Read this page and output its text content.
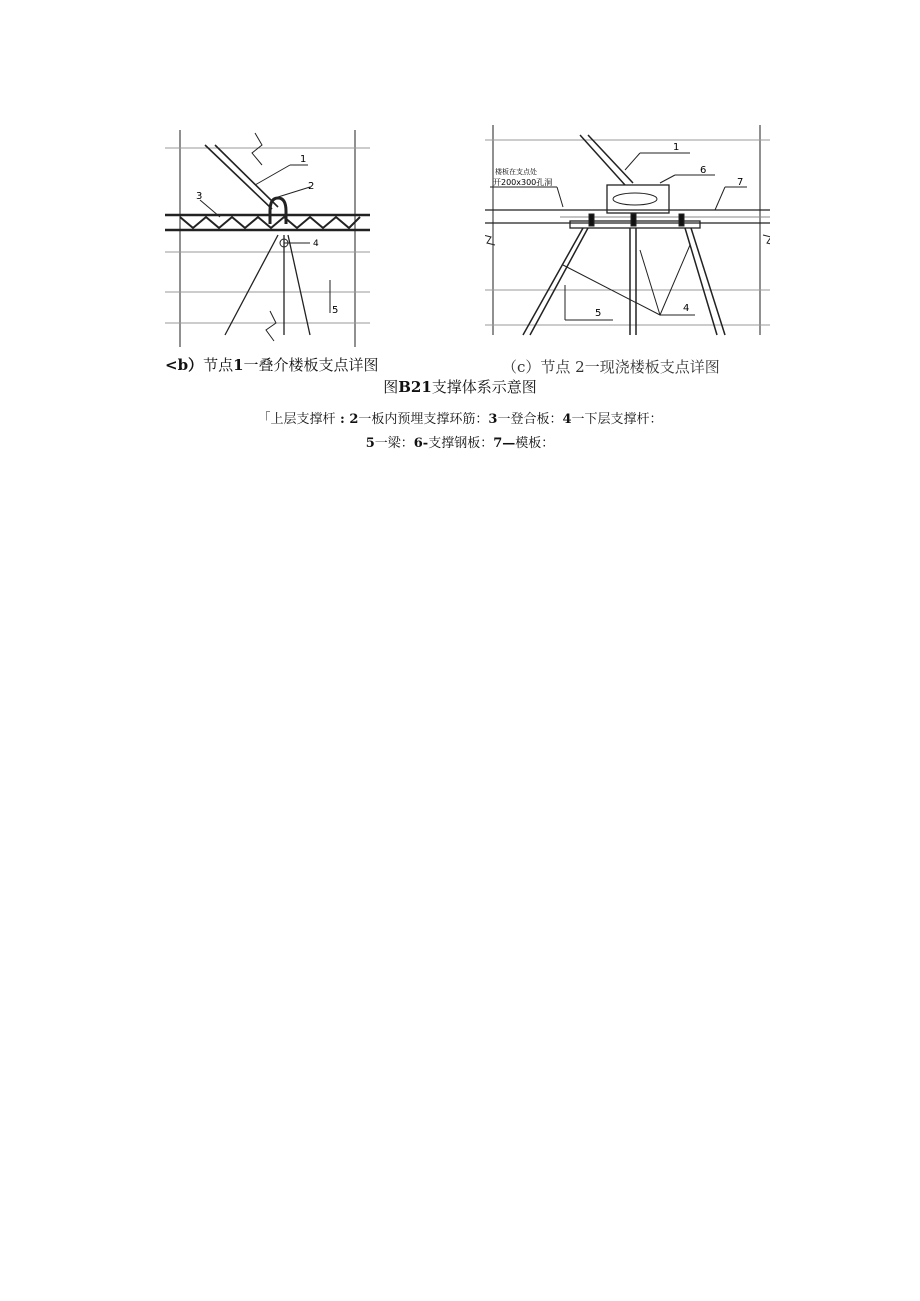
1
2
3
4
5
1
6
7
4
5
楼板在支点处
开200x300孔洞
<b）节点1一叠介楼板支点详图	（c）节点 2一现浇楼板支点详图
图B21支撑体系示意图
「上层支撑杆 : 2一板内预埋支撑环筋：3一登合板：4一下层支撑杆：
5一梁：6-支撑钢板：7—模板：
